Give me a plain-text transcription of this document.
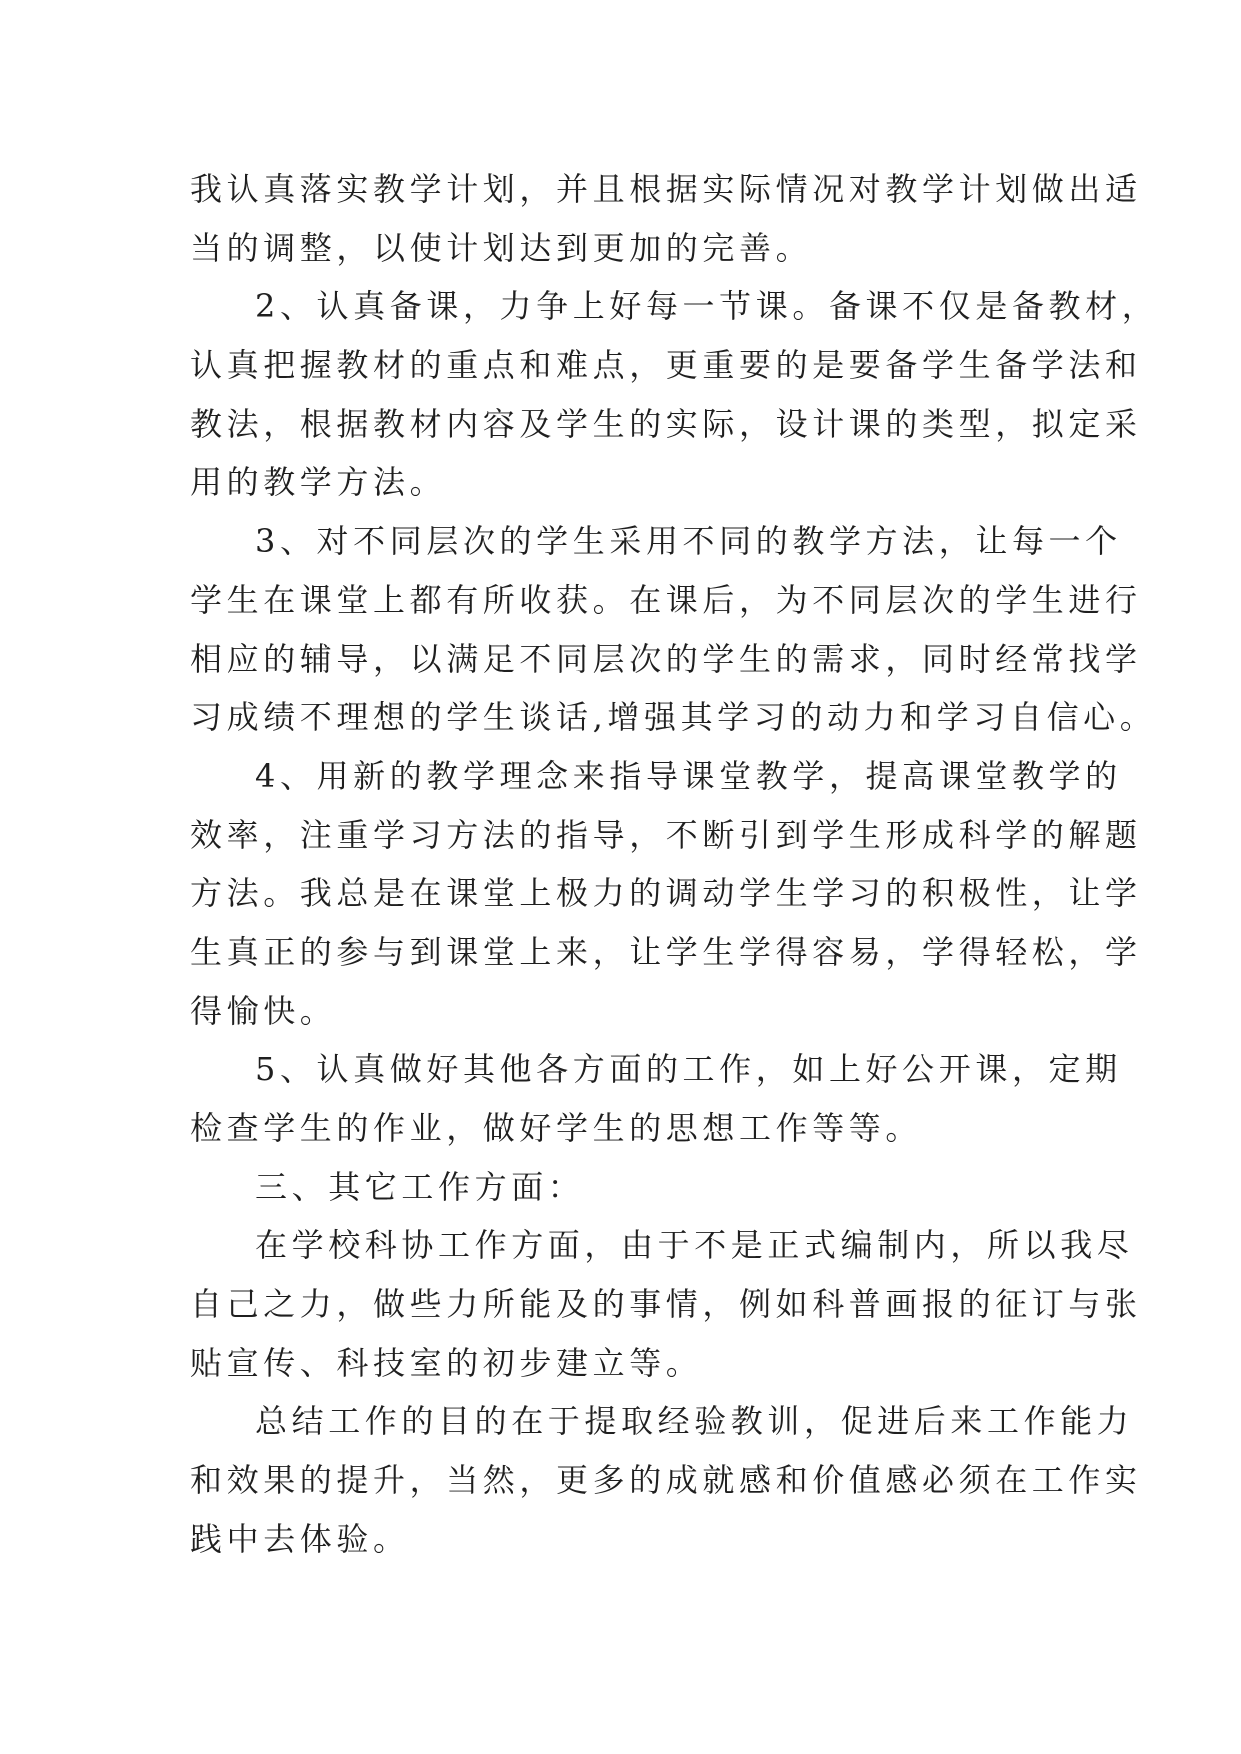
我认真落实教学计划，并且根据实际情况对教学计划做出适
当的调整，以使计划达到更加的完善。
2、认真备课，力争上好每一节课。备课不仅是备教材，
认真把握教材的重点和难点，更重要的是要备学生备学法和
教法，根据教材内容及学生的实际，设计课的类型，拟定采
用的教学方法。
3、对不同层次的学生采用不同的教学方法，让每一个
学生在课堂上都有所收获。在课后，为不同层次的学生进行
相应的辅导，以满足不同层次的学生的需求，同时经常找学
习成绩不理想的学生谈话,增强其学习的动力和学习自信心。
4、用新的教学理念来指导课堂教学，提高课堂教学的
效率，注重学习方法的指导，不断引到学生形成科学的解题
方法。我总是在课堂上极力的调动学生学习的积极性，让学
生真正的参与到课堂上来，让学生学得容易，学得轻松，学
得愉快。
5、认真做好其他各方面的工作，如上好公开课，定期
检查学生的作业，做好学生的思想工作等等。
三、其它工作方面：
在学校科协工作方面，由于不是正式编制内，所以我尽
自己之力，做些力所能及的事情，例如科普画报的征订与张
贴宣传、科技室的初步建立等。
总结工作的目的在于提取经验教训，促进后来工作能力
和效果的提升，当然，更多的成就感和价值感必须在工作实
践中去体验。
